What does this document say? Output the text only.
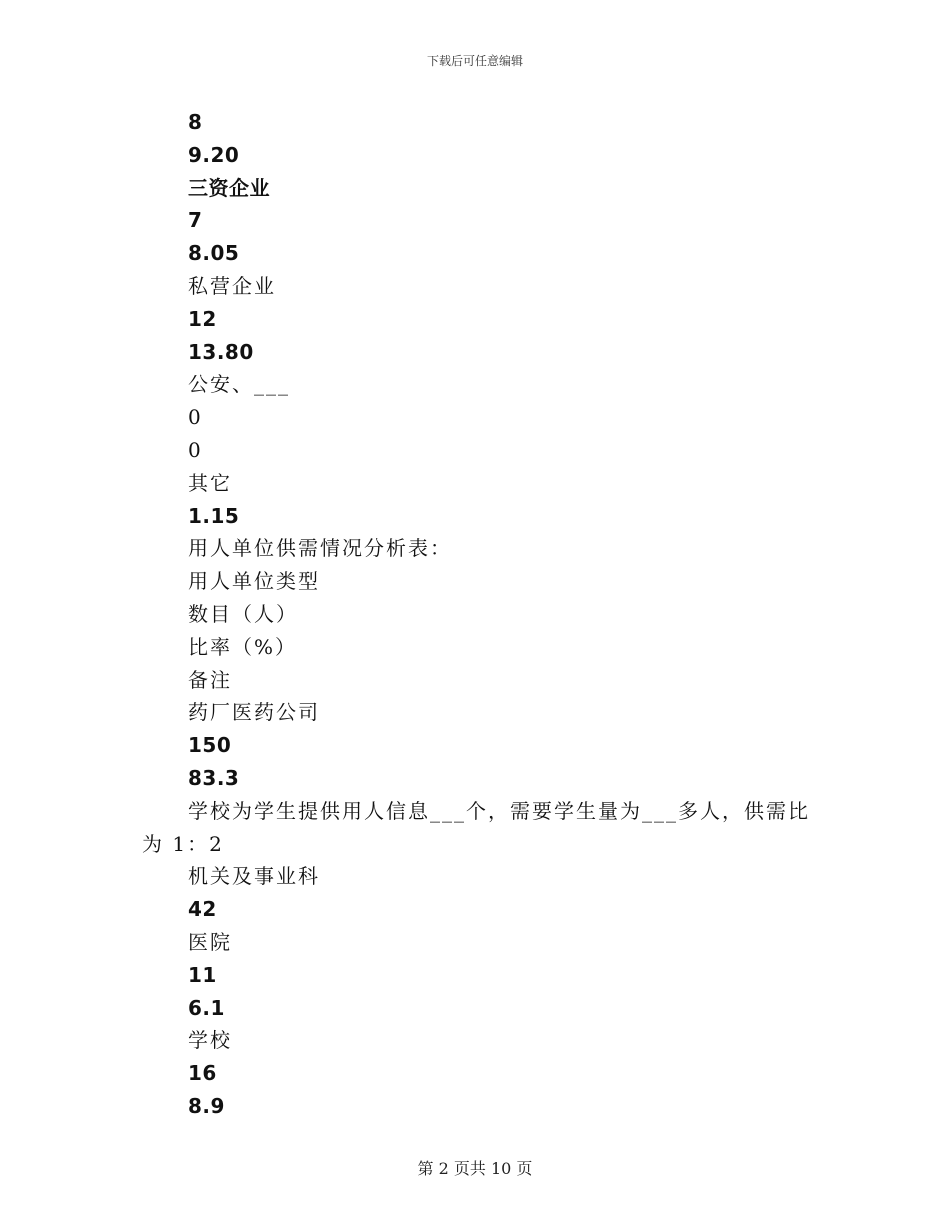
下载后可任意编辑
8
9.20
三资企业
7
8.05
私营企业
12
13.80
公安、___
0
0
其它
1.15
用人单位供需情况分析表：
用人单位类型
数目（人）
比率（%）
备注
药厂医药公司
150
83.3
学校为学生提供用人信息___个，需要学生量为___多人，供需比
为 1：2
机关及事业科
42
医院
11
6.1
学校
16
8.9
第 2 页共 10 页
